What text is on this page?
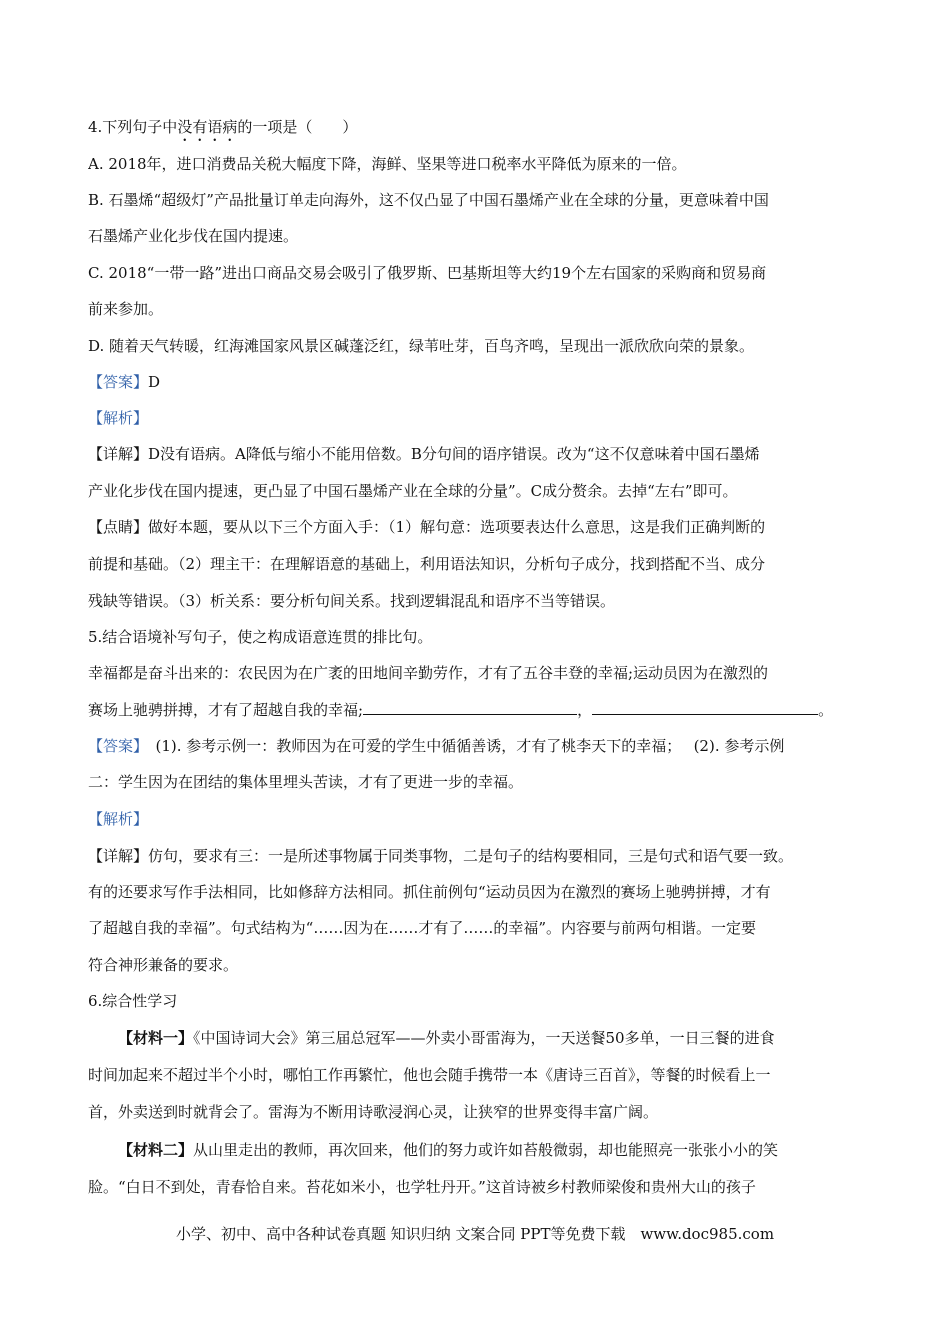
4.下列句子中没有语病的一项是（　　）
A. 2018年，进口消费品关税大幅度下降，海鲜、坚果等进口税率水平降低为原来的一倍。
B. 石墨烯“超级灯”产品批量订单走向海外，这不仅凸显了中国石墨烯产业在全球的分量，更意味着中国
石墨烯产业化步伐在国内提速。
C. 2018“一带一路”进出口商品交易会吸引了俄罗斯、巴基斯坦等大约19个左右国家的采购商和贸易商
前来参加。
D. 随着天气转暖，红海滩国家风景区碱蓬泛红，绿苇吐芽，百鸟齐鸣，呈现出一派欣欣向荣的景象。
【答案】D
【解析】
【详解】D没有语病。A降低与缩小不能用倍数。B分句间的语序错误。改为“这不仅意味着中国石墨烯
产业化步伐在国内提速，更凸显了中国石墨烯产业在全球的分量”。C成分赘余。去掉“左右”即可。
【点睛】做好本题，要从以下三个方面入手：（1）解句意：选项要表达什么意思，这是我们正确判断的
前提和基础。（2）理主干：在理解语意的基础上，利用语法知识，分析句子成分，找到搭配不当、成分
残缺等错误。（3）析关系：要分析句间关系。找到逻辑混乱和语序不当等错误。
5.结合语境补写句子，使之构成语意连贯的排比句。
幸福都是奋斗出来的：农民因为在广袤的田地间辛勤劳作，才有了五谷丰登的幸福;运动员因为在激烈的
赛场上驰骋拼搏，才有了超越自我的幸福;	，	。
【答案】　(1). 参考示例一：教师因为在可爱的学生中循循善诱，才有了桃李天下的幸福；　 (2). 参考示例
二：学生因为在团结的集体里埋头苦读，才有了更进一步的幸福。
【解析】
【详解】仿句，要求有三：一是所述事物属于同类事物，二是句子的结构要相同，三是句式和语气要一致。
有的还要求写作手法相同，比如修辞方法相同。抓住前例句“运动员因为在激烈的赛场上驰骋拼搏，才有
了超越自我的幸福”。句式结构为“……因为在……才有了……的幸福”。内容要与前两句相谐。一定要
符合神形兼备的要求。
6.综合性学习
【材料一】《中国诗词大会》第三届总冠军——外卖小哥雷海为，一天送餐50多单，一日三餐的进食
时间加起来不超过半个小时，哪怕工作再繁忙，他也会随手携带一本《唐诗三百首》，等餐的时候看上一
首，外卖送到时就背会了。雷海为不断用诗歌浸润心灵，让狭窄的世界变得丰富广阔。
【材料二】从山里走出的教师，再次回来，他们的努力或许如苔般微弱，却也能照亮一张张小小的笑
脸。“白日不到处，青春恰自来。苔花如米小，也学牡丹开。”这首诗被乡村教师梁俊和贵州大山的孩子
小学、初中、高中各种试卷真题 知识归纳 文案合同 PPT等免费下载　www.doc985.com
